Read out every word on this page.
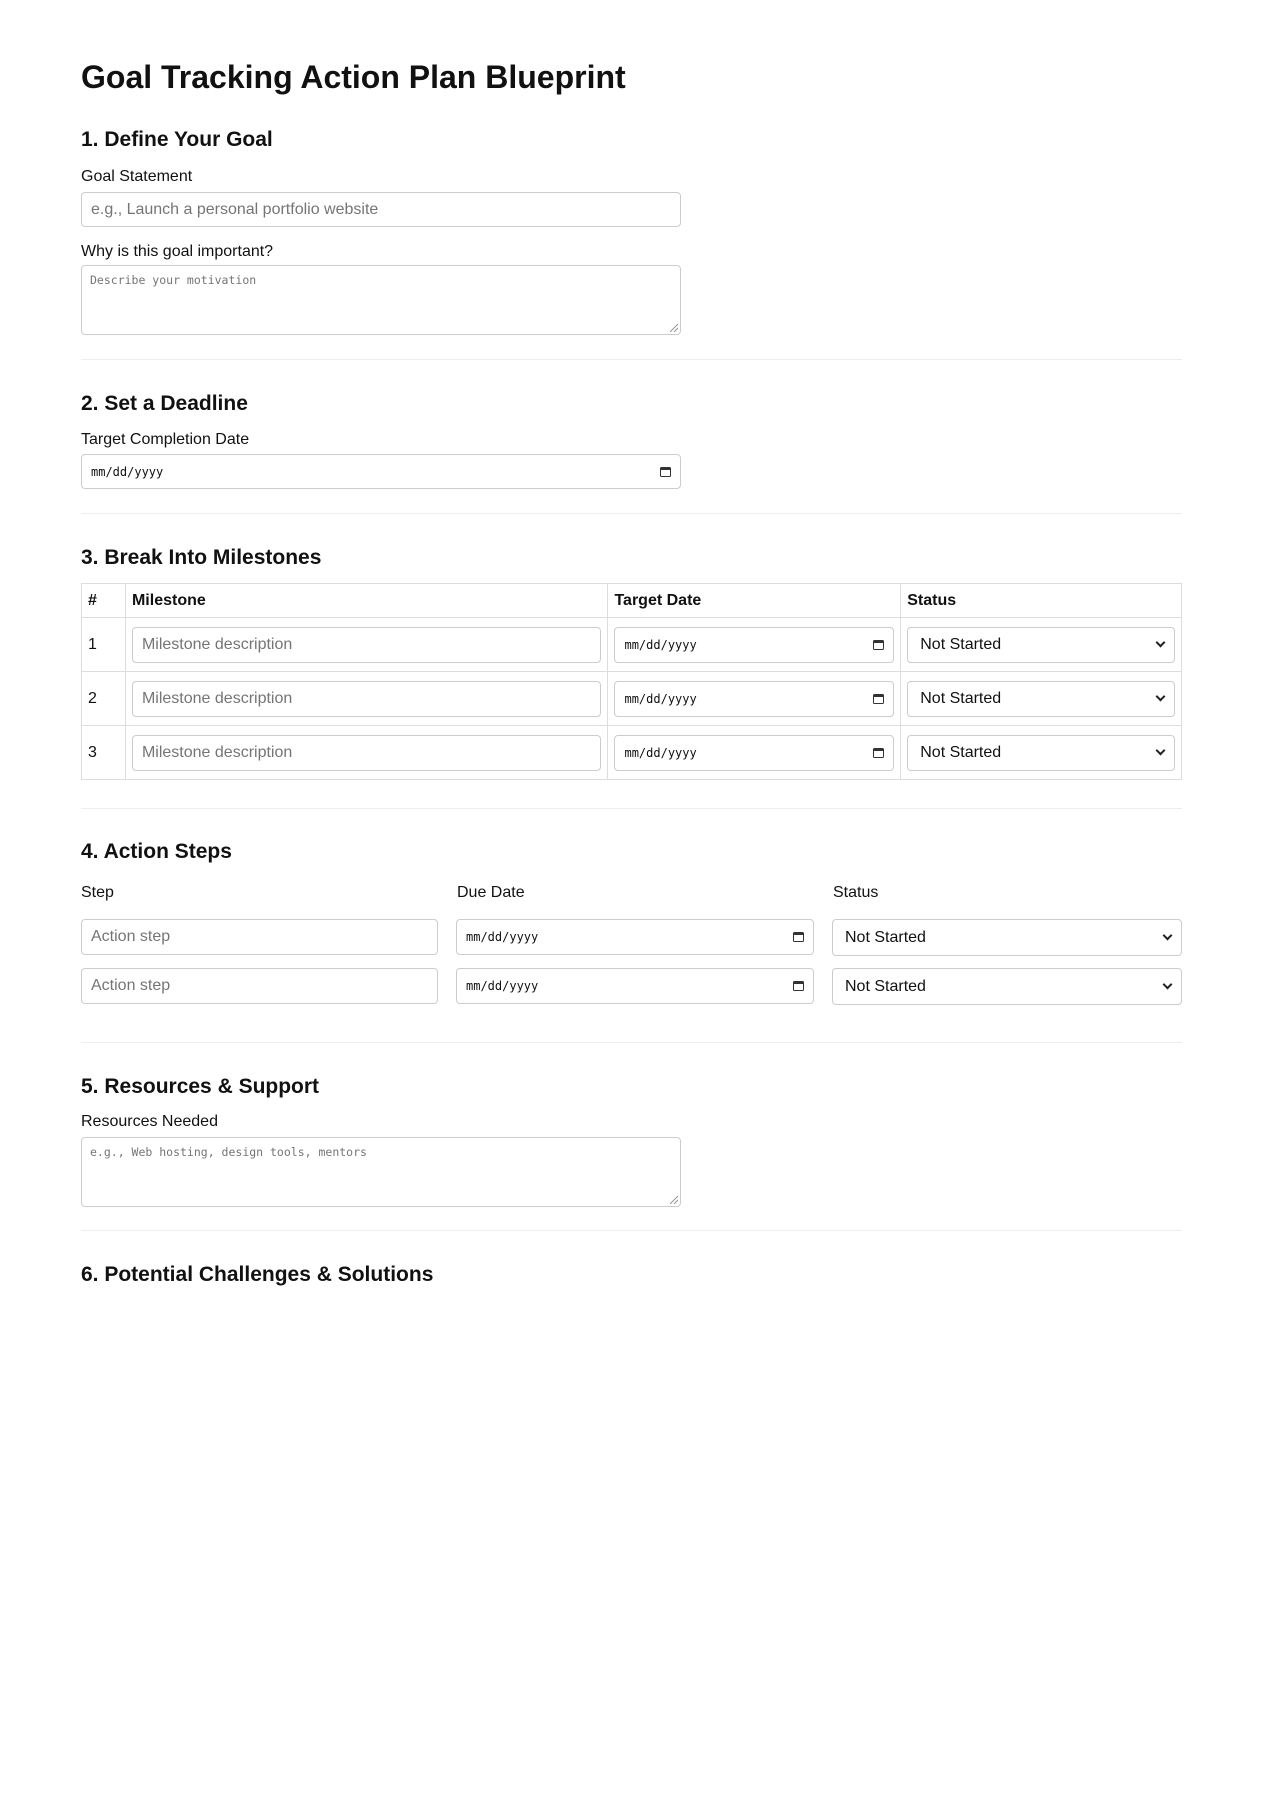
Goal Tracking Action Plan Blueprint
1. Define Your Goal
Goal Statement
e.g., Launch a personal portfolio website
Why is this goal important?
Describe your motivation
2. Set a Deadline
Target Completion Date
mm/dd/yyyy
3. Break Into Milestones
#	Milestone	Target Date	Status
1	Milestone description	mm/dd/yyyy	Not Started

2	Milestone description	mm/dd/yyyy	Not Started

3	Milestone description	mm/dd/yyyy	Not Started
4. Action Steps
Step	Due Date	Status
Action step	mm/dd/yyyy	Not Started
Action step	mm/dd/yyyy	Not Started
5. Resources & Support
Resources Needed
e.g., Web hosting, design tools, mentors
6. Potential Challenges & Solutions
